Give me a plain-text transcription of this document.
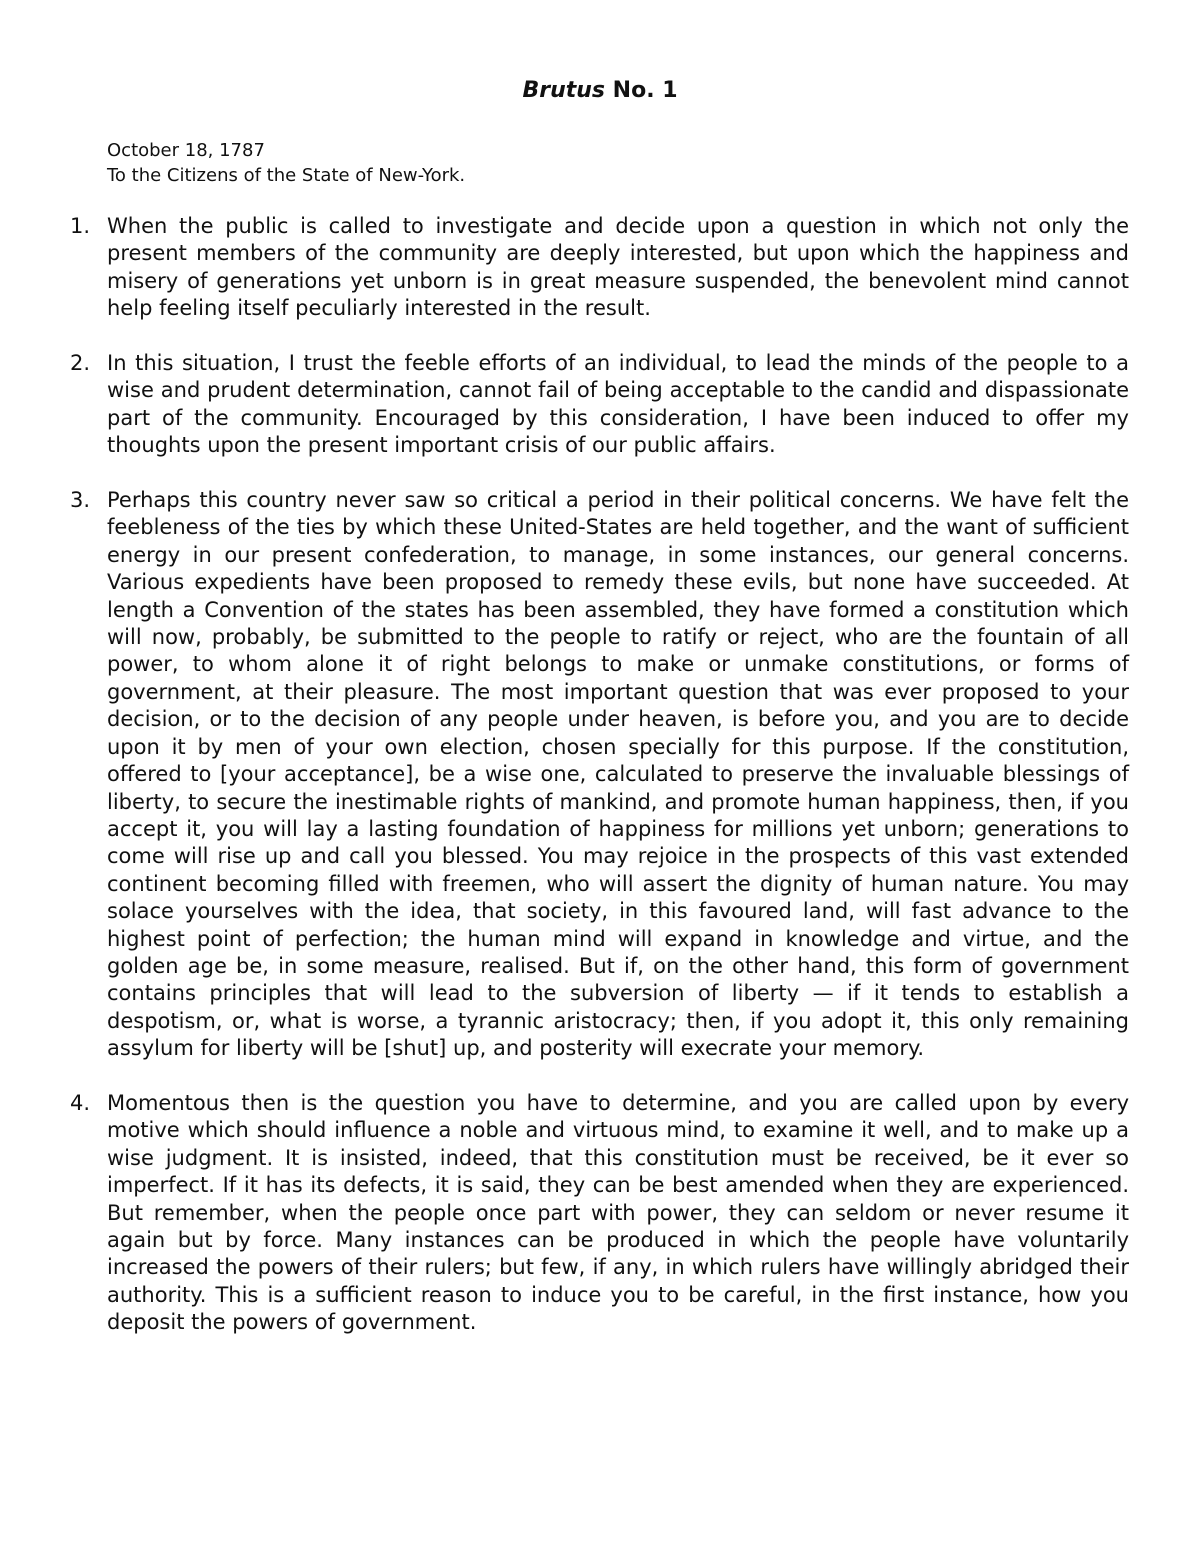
Brutus No. 1
October 18, 1787
To the Citizens of the State of New-York.
1. When the public is called to investigate and decide upon a question in which not only the present members of the community are deeply interested, but upon which the happiness and misery of generations yet unborn is in great measure suspended, the benevolent mind cannot help feeling itself peculiarly interested in the result.
2. In this situation, I trust the feeble efforts of an individual, to lead the minds of the people to a wise and prudent determination, cannot fail of being acceptable to the candid and dispassionate part of the community. Encouraged by this consideration, I have been induced to offer my thoughts upon the present important crisis of our public affairs.
3. Perhaps this country never saw so critical a period in their political concerns. We have felt the feebleness of the ties by which these United-States are held together, and the want of sufficient energy in our present confederation, to manage, in some instances, our general concerns. Various expedients have been proposed to remedy these evils, but none have succeeded. At length a Convention of the states has been assembled, they have formed a constitution which will now, probably, be submitted to the people to ratify or reject, who are the fountain of all power, to whom alone it of right belongs to make or unmake constitutions, or forms of government, at their pleasure. The most important question that was ever proposed to your decision, or to the decision of any people under heaven, is before you, and you are to decide upon it by men of your own election, chosen specially for this purpose. If the constitution, offered to [your acceptance], be a wise one, calculated to preserve the invaluable blessings of liberty, to secure the inestimable rights of mankind, and promote human happiness, then, if you accept it, you will lay a lasting foundation of happiness for millions yet unborn; generations to come will rise up and call you blessed. You may rejoice in the prospects of this vast extended continent becoming filled with freemen, who will assert the dignity of human nature. You may solace yourselves with the idea, that society, in this favoured land, will fast advance to the highest point of perfection; the human mind will expand in knowledge and virtue, and the golden age be, in some measure, realised. But if, on the other hand, this form of government contains principles that will lead to the subversion of liberty — if it tends to establish a despotism, or, what is worse, a tyrannic aristocracy; then, if you adopt it, this only remaining assylum for liberty will be [shut] up, and posterity will execrate your memory.
4. Momentous then is the question you have to determine, and you are called upon by every motive which should influence a noble and virtuous mind, to examine it well, and to make up a wise judgment. It is insisted, indeed, that this constitution must be received, be it ever so imperfect. If it has its defects, it is said, they can be best amended when they are experienced. But remember, when the people once part with power, they can seldom or never resume it again but by force. Many instances can be produced in which the people have voluntarily increased the powers of their rulers; but few, if any, in which rulers have willingly abridged their authority. This is a sufficient reason to induce you to be careful, in the first instance, how you deposit the powers of government.
